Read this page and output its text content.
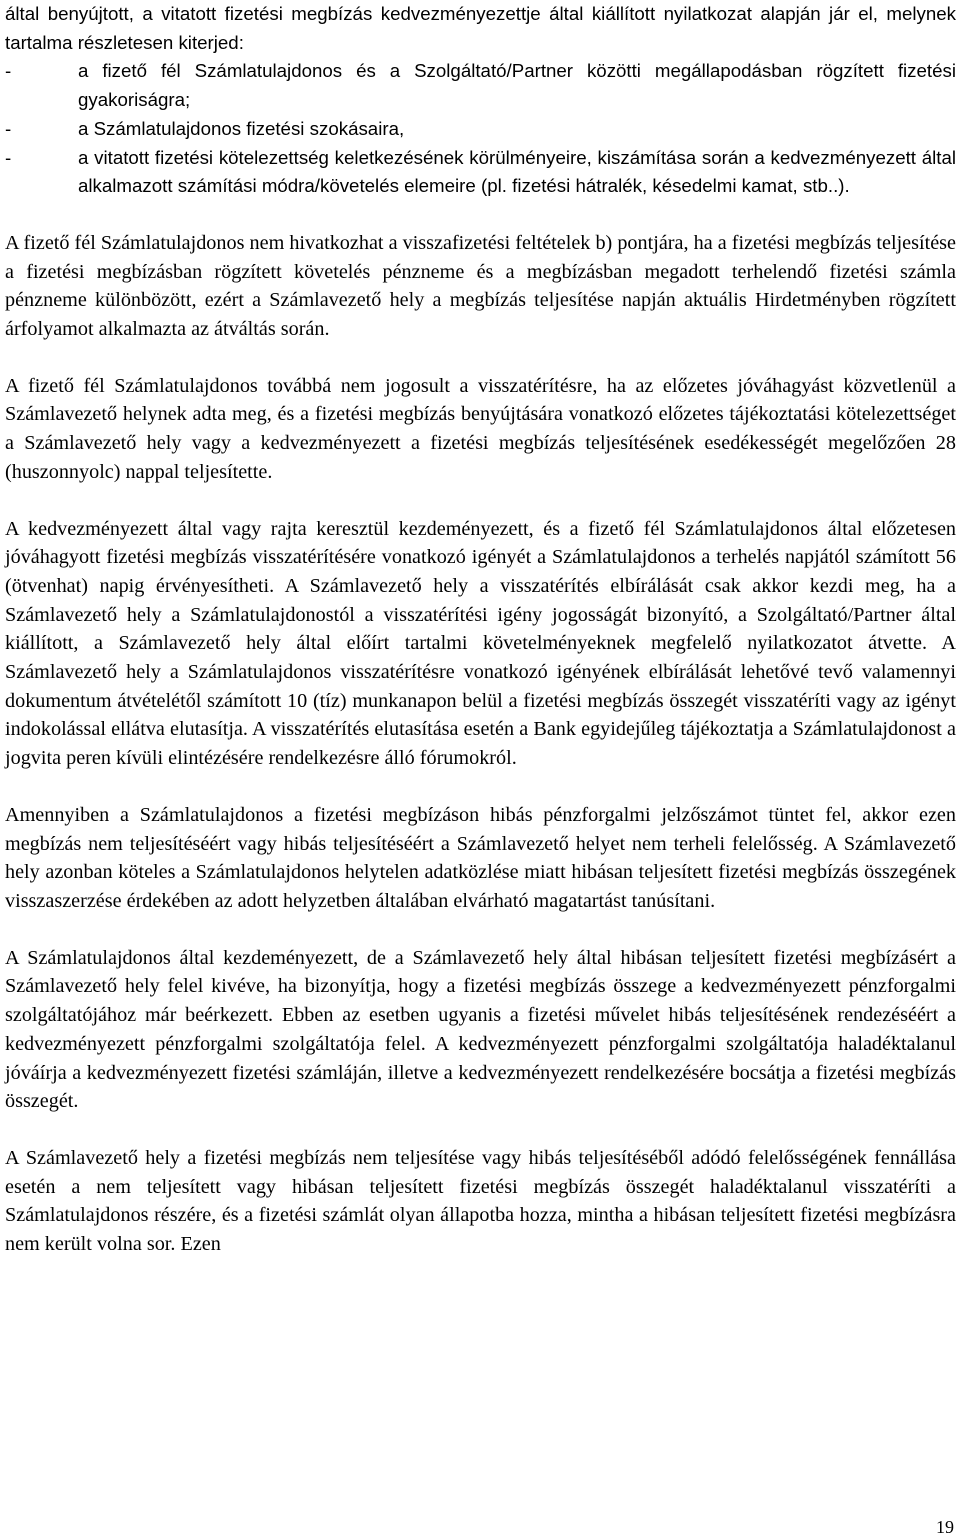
által benyújtott, a vitatott fizetési megbízás kedvezményezettje által kiállított nyilatkozat alapján jár el, melynek tartalma részletesen kiterjed:

-	a fizető fél Számlatulajdonos és a Szolgáltató/Partner közötti megállapodásban rögzített fizetési gyakoriságra;
-	a Számlatulajdonos fizetési szokásaira,
-	a vitatott fizetési kötelezettség keletkezésének körülményeire, kiszámítása során a kedvezményezett által alkalmazott számítási módra/követelés elemeire (pl. fizetési hátralék, késedelmi kamat, stb..).

A fizető fél Számlatulajdonos nem hivatkozhat a visszafizetési feltételek b) pontjára, ha a fizetési megbízás teljesítése a fizetési megbízásban rögzített követelés pénzneme és a megbízásban megadott terhelendő fizetési számla pénzneme különbözött, ezért a Számlavezető hely a megbízás teljesítése napján aktuális Hirdetményben rögzített árfolyamot alkalmazta az átváltás során.

A fizető fél Számlatulajdonos továbbá nem jogosult a visszatérítésre, ha az előzetes jóváhagyást közvetlenül a Számlavezető helynek adta meg, és a fizetési megbízás benyújtására vonatkozó előzetes tájékoztatási kötelezettséget a Számlavezető hely vagy a kedvezményezett a fizetési megbízás teljesítésének esedékességét megelőzően 28 (huszonnyolc) nappal teljesítette.

A kedvezményezett által vagy rajta keresztül kezdeményezett, és a fizető fél Számlatulajdonos által előzetesen jóváhagyott fizetési megbízás visszatérítésére vonatkozó igényét a Számlatulajdonos a terhelés napjától számított 56 (ötvenhat) napig érvényesítheti. A Számlavezető hely a visszatérítés elbírálását csak akkor kezdi meg, ha a Számlavezető hely a Számlatulajdonostól a visszatérítési igény jogosságát bizonyító, a Szolgáltató/Partner által kiállított, a Számlavezető hely által előírt tartalmi követelményeknek megfelelő nyilatkozatot átvette. A Számlavezető hely a Számlatulajdonos visszatérítésre vonatkozó igényének elbírálását lehetővé tevő valamennyi dokumentum átvételétől számított 10 (tíz) munkanapon belül a fizetési megbízás összegét visszatéríti vagy az igényt indokolással ellátva elutasítja. A visszatérítés elutasítása esetén a Bank egyidejűleg tájékoztatja a Számlatulajdonost a jogvita peren kívüli elintézésére rendelkezésre álló fórumokról.

Amennyiben a Számlatulajdonos a fizetési megbízáson hibás pénzforgalmi jelzőszámot tüntet fel, akkor ezen megbízás nem teljesítéséért vagy hibás teljesítéséért a Számlavezető helyet nem terheli felelősség. A Számlavezető hely azonban köteles a Számlatulajdonos helytelen adatközlése miatt hibásan teljesített fizetési megbízás összegének visszaszerzése érdekében az adott helyzetben általában elvárható magatartást tanúsítani.

A Számlatulajdonos által kezdeményezett, de a Számlavezető hely által hibásan teljesített fizetési megbízásért a Számlavezető hely felel kivéve, ha bizonyítja, hogy a fizetési megbízás összege a kedvezményezett pénzforgalmi szolgáltatójához már beérkezett. Ebben az esetben ugyanis a fizetési művelet hibás teljesítésének rendezéséért a kedvezményezett pénzforgalmi szolgáltatója felel. A kedvezményezett pénzforgalmi szolgáltatója haladéktalanul jóváírja a kedvezményezett fizetési számláján, illetve a kedvezményezett rendelkezésére bocsátja a fizetési megbízás összegét.

A Számlavezető hely a fizetési megbízás nem teljesítése vagy hibás teljesítéséből adódó felelősségének fennállása esetén a nem teljesített vagy hibásan teljesített fizetési megbízás összegét haladéktalanul visszatéríti a Számlatulajdonos részére, és a fizetési számlát olyan állapotba hozza, mintha a hibásan teljesített fizetési megbízásra nem került volna sor. Ezen

19
